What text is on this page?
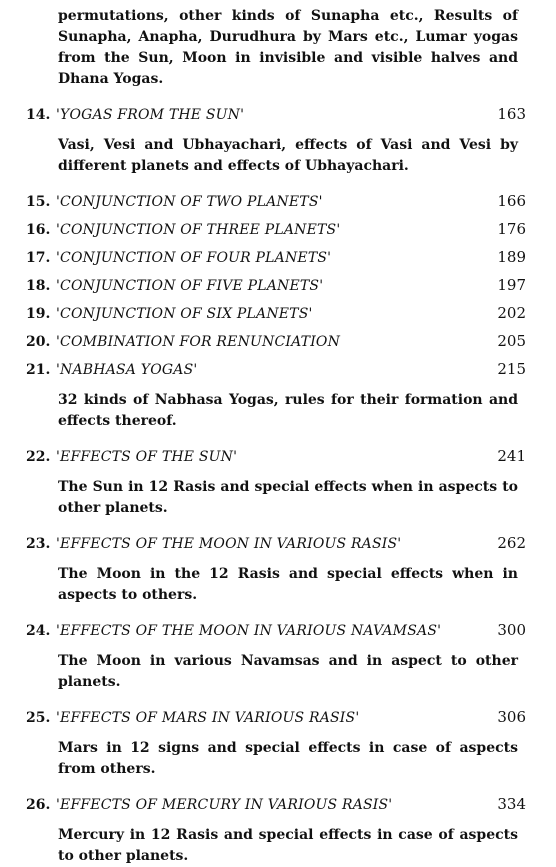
permutations, other kinds of Sunapha etc., Results of Sunapha, Anapha, Durudhura by Mars etc., Lumar yogas from the Sun, Moon in invisible and visible halves and Dhana Yogas.

14. 'YOGAS FROM THE SUN'	163

Vasi, Vesi and Ubhayachari, effects of Vasi and Vesi by different planets and effects of Ubhayachari.

15. 'CONJUNCTION OF TWO PLANETS'	166
16. 'CONJUNCTION OF THREE PLANETS'	176
17. 'CONJUNCTION OF FOUR PLANETS'	189
18. 'CONJUNCTION OF FIVE PLANETS'	197
19. 'CONJUNCTION OF SIX PLANETS'	202
20. 'COMBINATION FOR RENUNCIATION	205
21. 'NABHASA YOGAS'	215

32 kinds of Nabhasa Yogas, rules for their formation and effects thereof.

22. 'EFFECTS OF THE SUN'	241

The Sun in 12 Rasis and special effects when in aspects to other planets.

23. 'EFFECTS OF THE MOON IN VARIOUS RASIS'	262

The Moon in the 12 Rasis and special effects when in aspects to others.

24. 'EFFECTS OF THE MOON IN VARIOUS NAVAMSAS'	300

The Moon in various Navamsas and in aspect to other planets.

25. 'EFFECTS OF MARS IN VARIOUS RASIS'	306

Mars in 12 signs and special effects in case of aspects from others.

26. 'EFFECTS OF MERCURY IN VARIOUS RASIS'	334

Mercury in 12 Rasis and special effects in case of aspects to other planets.
